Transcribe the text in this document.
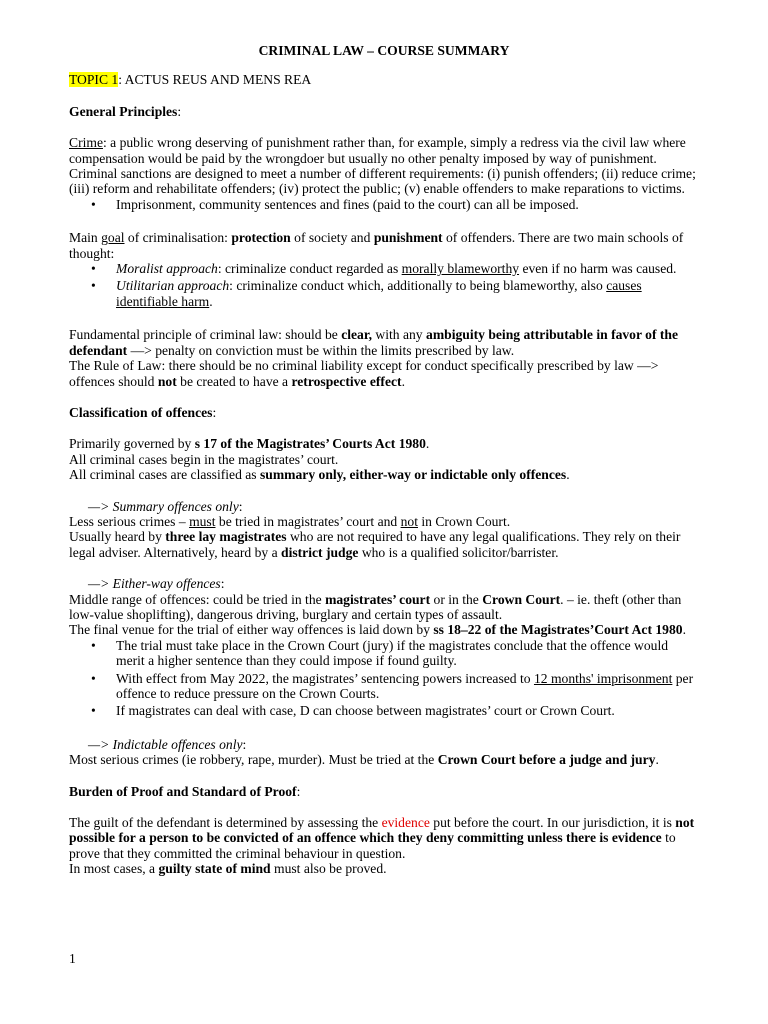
CRIMINAL LAW – COURSE SUMMARY

TOPIC 1: ACTUS REUS AND MENS REA

General Principles:

Crime: a public wrong deserving of punishment rather than, for example, simply a redress via the civil law where compensation would be paid by the wrongdoer but usually no other penalty imposed by way of punishment.

Criminal sanctions are designed to meet a number of different requirements: (i) punish offenders; (ii) reduce crime; (iii) reform and rehabilitate offenders; (iv) protect the public; (v) enable offenders to make reparations to victims.

• Imprisonment, community sentences and fines (paid to the court) can all be imposed.

Main goal of criminalisation: protection of society and punishment of offenders. There are two main schools of thought:

• Moralist approach: criminalize conduct regarded as morally blameworthy even if no harm was caused.
• Utilitarian approach: criminalize conduct which, additionally to being blameworthy, also causes identifiable harm.

Fundamental principle of criminal law: should be clear, with any ambiguity being attributable in favor of the defendant —> penalty on conviction must be within the limits prescribed by law.

The Rule of Law: there should be no criminal liability except for conduct specifically prescribed by law —> offences should not be created to have a retrospective effect.

Classification of offences:

Primarily governed by s 17 of the Magistrates’ Courts Act 1980.

All criminal cases begin in the magistrates’ court.

All criminal cases are classified as summary only, either-way or indictable only offences.

—> Summary offences only:

Less serious crimes – must be tried in magistrates’ court and not in Crown Court.

Usually heard by three lay magistrates who are not required to have any legal qualifications. They rely on their legal adviser. Alternatively, heard by a district judge who is a qualified solicitor/barrister.

—> Either-way offences:

Middle range of offences: could be tried in the magistrates’ court or in the Crown Court. – ie. theft (other than low-value shoplifting), dangerous driving, burglary and certain types of assault.

The final venue for the trial of either way offences is laid down by ss 18–22 of the Magistrates’Court Act 1980.

• The trial must take place in the Crown Court (jury) if the magistrates conclude that the offence would merit a higher sentence than they could impose if found guilty.
• With effect from May 2022, the magistrates’ sentencing powers increased to 12 months' imprisonment per offence to reduce pressure on the Crown Courts.
• If magistrates can deal with case, D can choose between magistrates’ court or Crown Court.

—> Indictable offences only:

Most serious crimes (ie robbery, rape, murder). Must be tried at the Crown Court before a judge and jury.

Burden of Proof and Standard of Proof:

The guilt of the defendant is determined by assessing the evidence put before the court. In our jurisdiction, it is not possible for a person to be convicted of an offence which they deny committing unless there is evidence to prove that they committed the criminal behaviour in question.

In most cases, a guilty state of mind must also be proved.

1
